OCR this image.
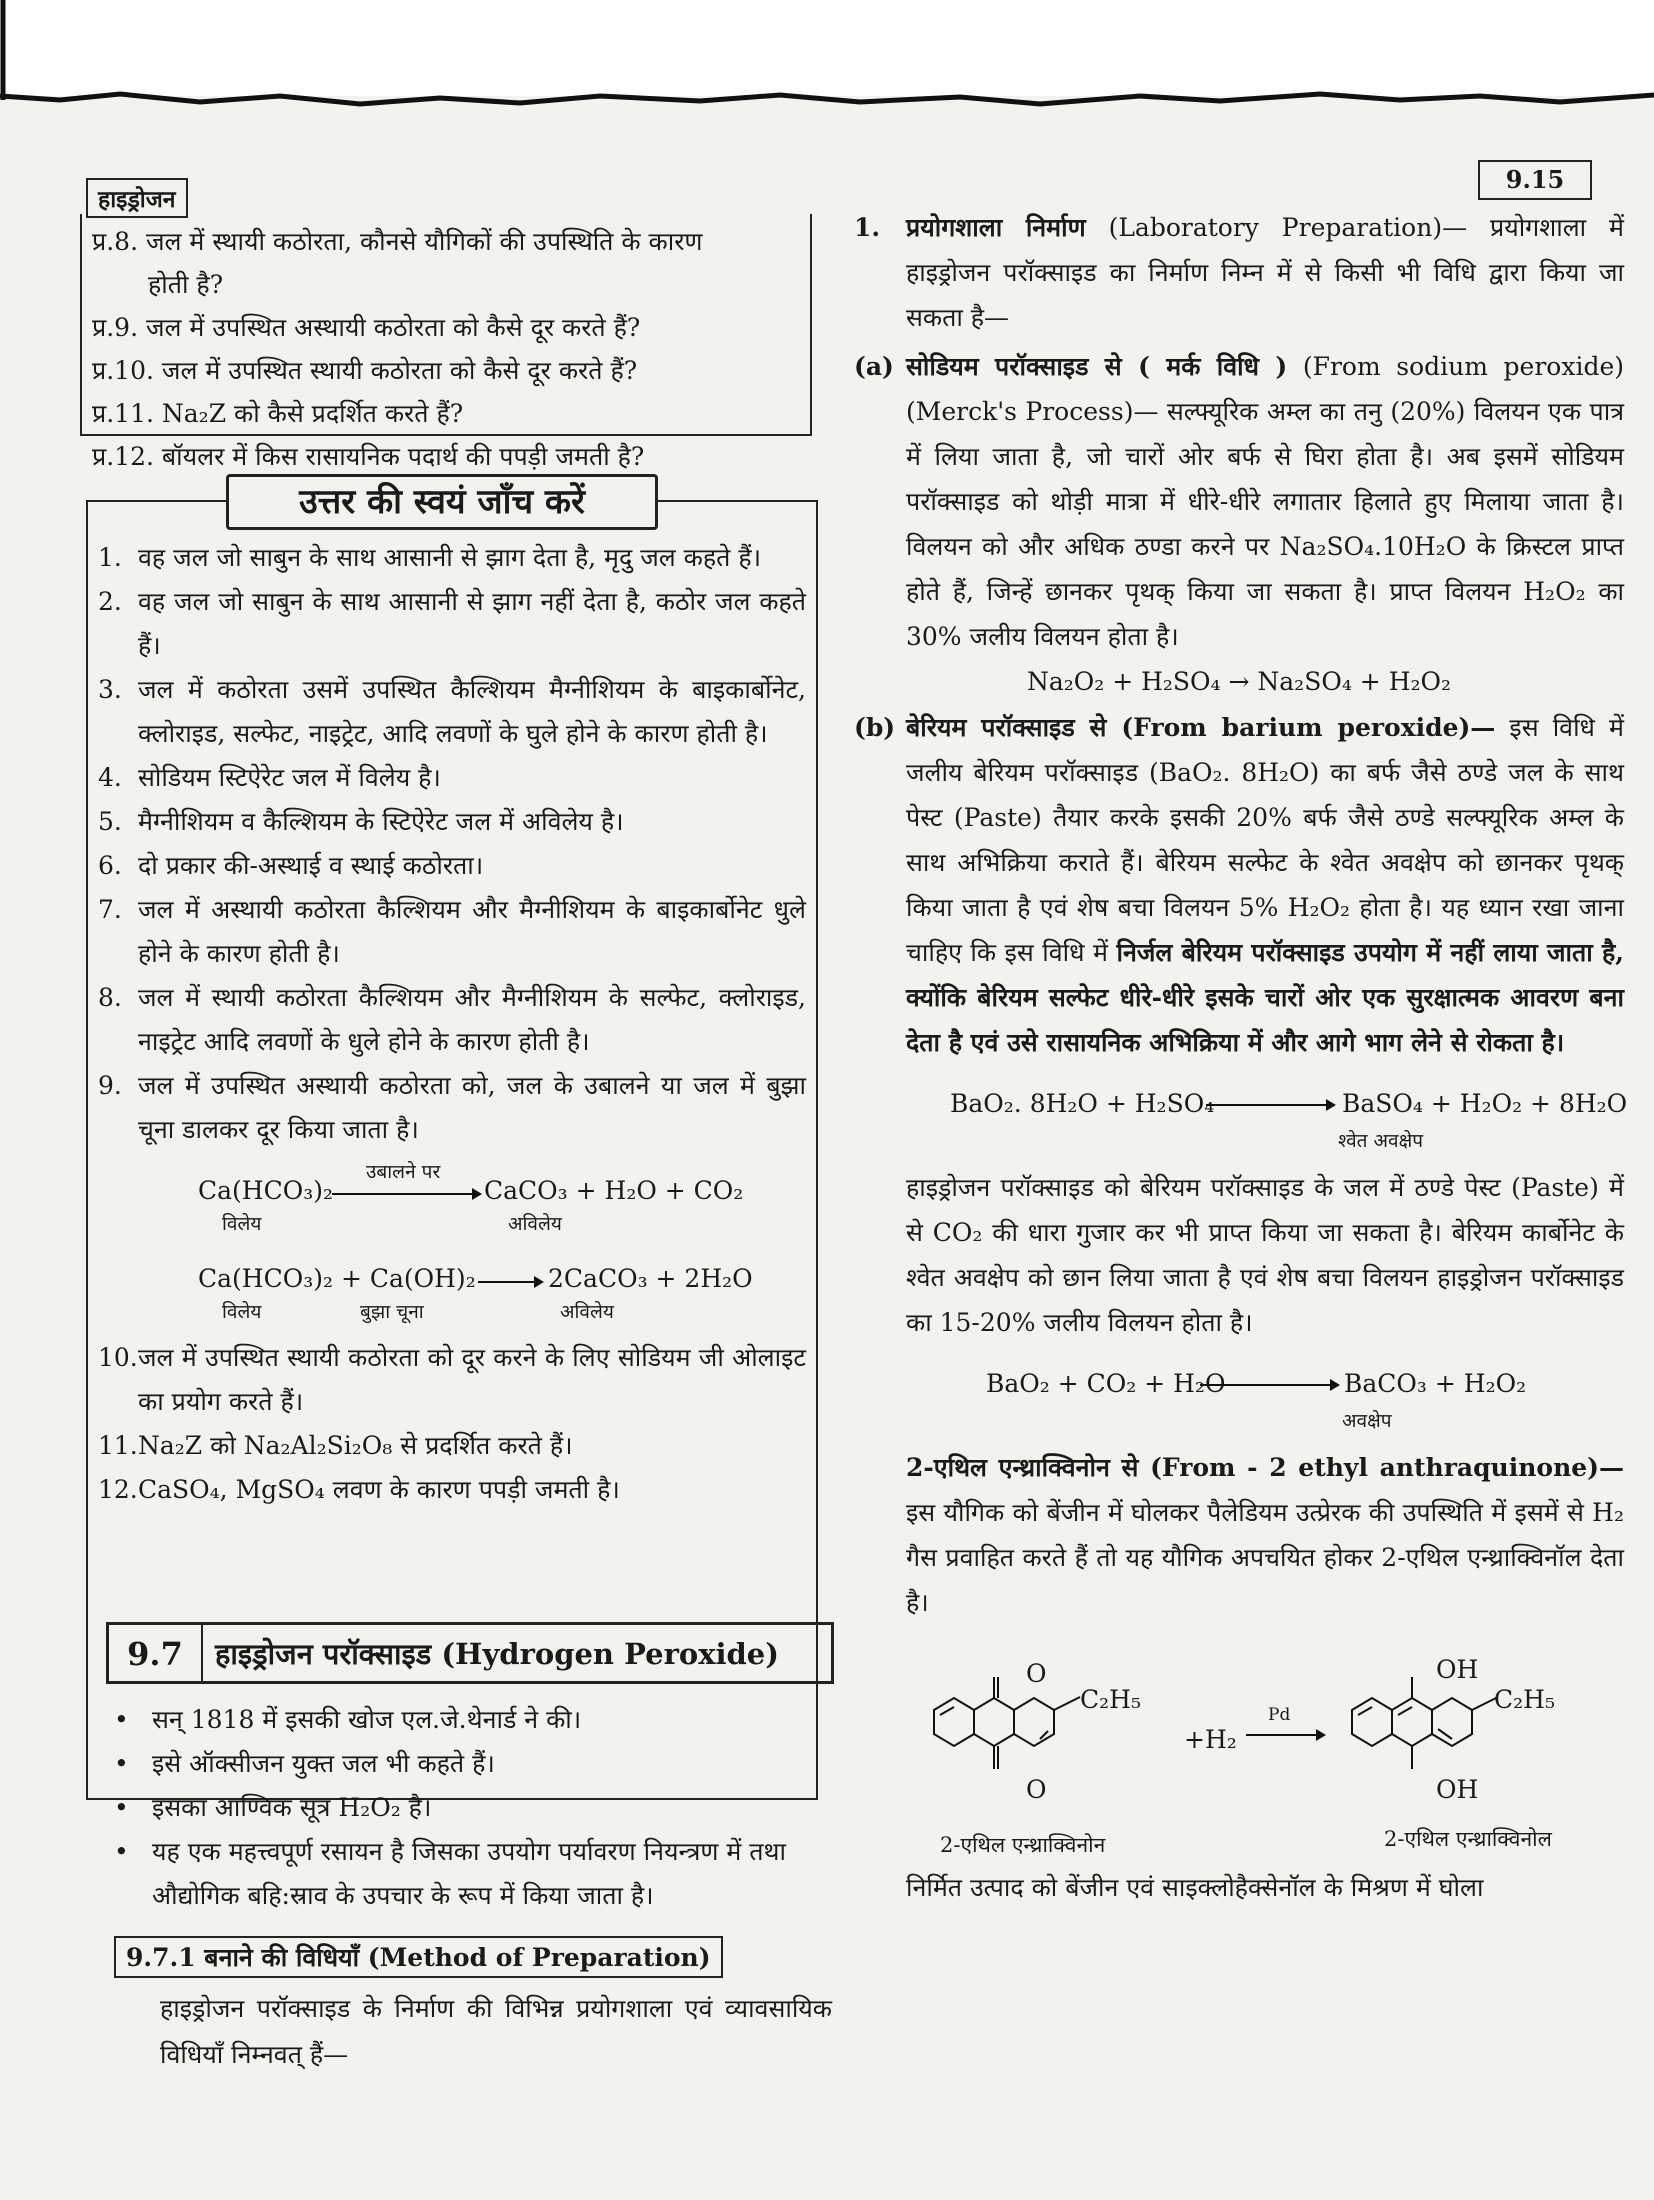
9.15
हाइड्रोजन
प्र.8. जल में स्थायी कठोरता, कौनसे यौगिकों की उपस्थिति के कारण
होती है?
प्र.9. जल में उपस्थित अस्थायी कठोरता को कैसे दूर करते हैं?
प्र.10. जल में उपस्थित स्थायी कठोरता को कैसे दूर करते हैं?
प्र.11. Na₂Z को कैसे प्रदर्शित करते हैं?
प्र.12. बॉयलर में किस रासायनिक पदार्थ की पपड़ी जमती है?
उत्तर की स्वयं जाँच करें
1. वह जल जो साबुन के साथ आसानी से झाग देता है, मृदु जल कहते हैं।
2. वह जल जो साबुन के साथ आसानी से झाग नहीं देता है, कठोर जल कहते हैं।
3. जल में कठोरता उसमें उपस्थित कैल्शियम मैग्नीशियम के बाइकार्बोनेट, क्लोराइड, सल्फेट, नाइट्रेट, आदि लवणों के घुले होने के कारण होती है।
4. सोडियम स्टिऐरेट जल में विलेय है।
5. मैग्नीशियम व कैल्शियम के स्टिऐरेट जल में अविलेय है।
6. दो प्रकार की-अस्थाई व स्थाई कठोरता।
7. जल में अस्थायी कठोरता कैल्शियम और मैग्नीशियम के बाइकार्बोनेट धुले होने के कारण होती है।
8. जल में स्थायी कठोरता कैल्शियम और मैग्नीशियम के सल्फेट, क्लोराइड, नाइट्रेट आदि लवणों के धुले होने के कारण होती है।
9. जल में उपस्थित अस्थायी कठोरता को, जल के उबालने या जल में बुझा चूना डालकर दूर किया जाता है।
Ca(HCO₃)₂
विलेय
उबालने पर
CaCO₃ + H₂O + CO₂
अविलेय
Ca(HCO₃)₂ + Ca(OH)₂
विलेय	बुझा चूना
2CaCO₃ + 2H₂O
अविलेय
10. जल में उपस्थित स्थायी कठोरता को दूर करने के लिए सोडियम जी ओलाइट का प्रयोग करते हैं।
11. Na₂Z को Na₂Al₂Si₂O₈ से प्रदर्शित करते हैं।
12. CaSO₄, MgSO₄ लवण के कारण पपड़ी जमती है।
9.7	हाइड्रोजन परॉक्साइड (Hydrogen Peroxide)
• सन् 1818 में इसकी खोज एल.जे.थेनार्ड ने की।
• इसे ऑक्सीजन युक्त जल भी कहते हैं।
• इसका आण्विक सूत्र H₂O₂ है।
• यह एक महत्त्वपूर्ण रसायन है जिसका उपयोग पर्यावरण नियन्त्रण में तथा औद्योगिक बहि:स्राव के उपचार के रूप में किया जाता है।
9.7.1 बनाने की विधियाँ (Method of Preparation)
हाइड्रोजन परॉक्साइड के निर्माण की विभिन्न प्रयोगशाला एवं व्यावसायिक विधियाँ निम्नवत् हैं—
1. प्रयोगशाला निर्माण (Laboratory Preparation)— प्रयोगशाला में हाइड्रोजन परॉक्साइड का निर्माण निम्न में से किसी भी विधि द्वारा किया जा सकता है—
(a) सोडियम परॉक्साइड से ( मर्क विधि ) (From sodium peroxide) (Merck's Process)— सल्फ्यूरिक अम्ल का तनु (20%) विलयन एक पात्र में लिया जाता है, जो चारों ओर बर्फ से घिरा होता है। अब इसमें सोडियम परॉक्साइड को थोड़ी मात्रा में धीरे-धीरे लगातार हिलाते हुए मिलाया जाता है। विलयन को और अधिक ठण्डा करने पर Na₂SO₄.10H₂O के क्रिस्टल प्राप्त होते हैं, जिन्हें छानकर पृथक् किया जा सकता है। प्राप्त विलयन H₂O₂ का 30% जलीय विलयन होता है।
Na₂O₂ + H₂SO₄ → Na₂SO₄ + H₂O₂
(b) बेरियम परॉक्साइड से (From barium peroxide)— इस विधि में जलीय बेरियम परॉक्साइड (BaO₂. 8H₂O) का बर्फ जैसे ठण्डे जल के साथ पेस्ट (Paste) तैयार करके इसकी 20% बर्फ जैसे ठण्डे सल्फ्यूरिक अम्ल के साथ अभिक्रिया कराते हैं। बेरियम सल्फेट के श्वेत अवक्षेप को छानकर पृथक् किया जाता है एवं शेष बचा विलयन 5% H₂O₂ होता है। यह ध्यान रखा जाना चाहिए कि इस विधि में निर्जल बेरियम परॉक्साइड उपयोग में नहीं लाया जाता है, क्योंकि बेरियम सल्फेट धीरे-धीरे इसके चारों ओर एक सुरक्षात्मक आवरण बना देता है एवं उसे रासायनिक अभिक्रिया में और आगे भाग लेने से रोकता है।
BaO₂. 8H₂O + H₂SO₄	BaSO₄ + H₂O₂ + 8H₂O
श्वेत अवक्षेप
हाइड्रोजन परॉक्साइड को बेरियम परॉक्साइड के जल में ठण्डे पेस्ट (Paste) में से CO₂ की धारा गुजार कर भी प्राप्त किया जा सकता है। बेरियम कार्बोनेट के श्वेत अवक्षेप को छान लिया जाता है एवं शेष बचा विलयन हाइड्रोजन परॉक्साइड का 15-20% जलीय विलयन होता है।
BaO₂ + CO₂ + H₂O	BaCO₃ + H₂O₂
अवक्षेप
2-एथिल एन्थ्राक्विनोन से (From - 2 ethyl anthraquinone)— इस यौगिक को बेंजीन में घोलकर पैलेडियम उत्प्रेरक की उपस्थिति में इसमें से H₂ गैस प्रवाहित करते हैं तो यह यौगिक अपचयित होकर 2-एथिल एन्थ्राक्विनॉल देता है।
O
O
C₂H₅
+H₂
Pd
OH
OH
C₂H₅
2-एथिल एन्थ्राक्विनोन	2-एथिल एन्थ्राक्विनोल
निर्मित उत्पाद को बेंजीन एवं साइक्लोहैक्सेनॉल के मिश्रण में घोला
